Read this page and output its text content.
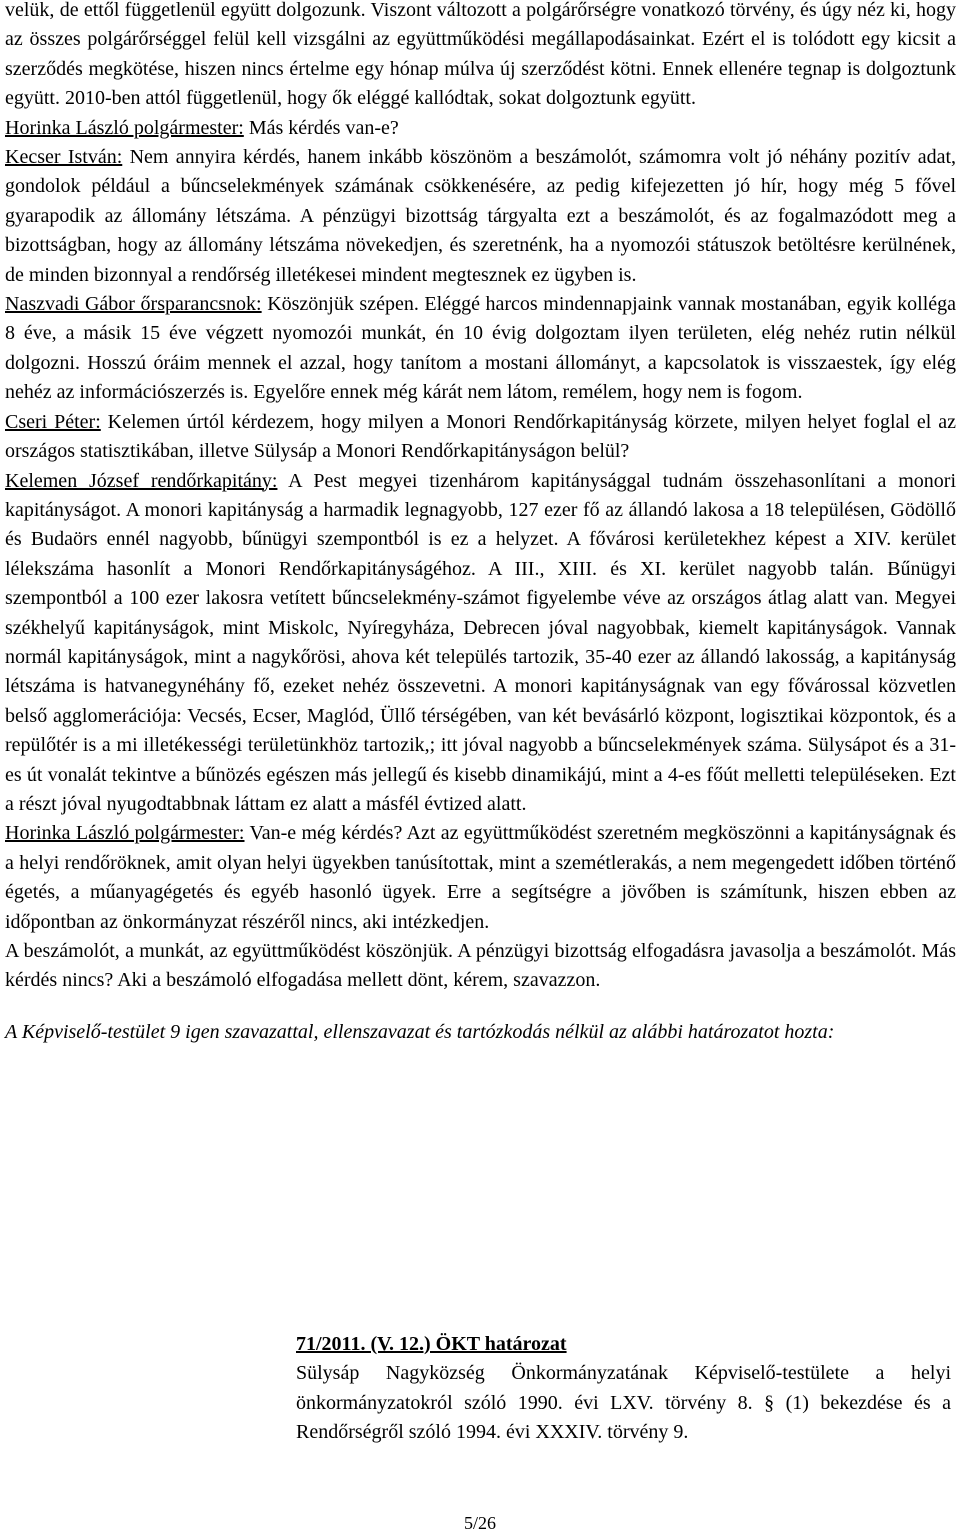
velük, de ettől függetlenül együtt dolgozunk. Viszont változott a polgárőrségre vonatkozó törvény, és úgy néz ki, hogy az összes polgárőrséggel felül kell vizsgálni az együttműködési megállapodásainkat. Ezért el is tolódott egy kicsit a szerződés megkötése, hiszen nincs értelme egy hónap múlva új szerződést kötni. Ennek ellenére tegnap is dolgoztunk együtt. 2010-ben attól függetlenül, hogy ők eléggé kallódtak, sokat dolgoztunk együtt.

Horinka László polgármester: Más kérdés van-e?

Kecser István: Nem annyira kérdés, hanem inkább köszönöm a beszámolót, számomra volt jó néhány pozitív adat, gondolok például a bűncselekmények számának csökkenésére, az pedig kifejezetten jó hír, hogy még 5 fővel gyarapodik az állomány létszáma. A pénzügyi bizottság tárgyalta ezt a beszámolót, és az fogalmazódott meg a bizottságban, hogy az állomány létszáma növekedjen, és szeretnénk, ha a nyomozói státuszok betöltésre kerülnének, de minden bizonnyal a rendőrség illetékesei mindent megtesznek ez ügyben is.

Naszvadi Gábor őrsparancsnok: Köszönjük szépen. Eléggé harcos mindennapjaink vannak mostanában, egyik kolléga 8 éve, a másik 15 éve végzett nyomozói munkát, én 10 évig dolgoztam ilyen területen, elég nehéz rutin nélkül dolgozni. Hosszú óráim mennek el azzal, hogy tanítom a mostani állományt, a kapcsolatok is visszaestek, így elég nehéz az információszerzés is. Egyelőre ennek még kárát nem látom, remélem, hogy nem is fogom.

Cseri Péter: Kelemen úrtól kérdezem, hogy milyen a Monori Rendőrkapitányság körzete, milyen helyet foglal el az országos statisztikában, illetve Sülysáp a Monori Rendőrkapitányságon belül?

Kelemen József rendőrkapitány: A Pest megyei tizenhárom kapitánysággal tudnám összehasonlítani a monori kapitányságot. A monori kapitányság a harmadik legnagyobb, 127 ezer fő az állandó lakosa a 18 településen, Gödöllő és Budaörs ennél nagyobb, bűnügyi szempontból is ez a helyzet. A fővárosi kerületekhez képest a XIV. kerület lélekszáma hasonlít a Monori Rendőrkapitányságéhoz. A III., XIII. és XI. kerület nagyobb talán. Bűnügyi szempontból a 100 ezer lakosra vetített bűncselekmény-számot figyelembe véve az országos átlag alatt van. Megyei székhelyű kapitányságok, mint Miskolc, Nyíregyháza, Debrecen jóval nagyobbak, kiemelt kapitányságok. Vannak normál kapitányságok, mint a nagykőrösi, ahova két település tartozik, 35-40 ezer az állandó lakosság, a kapitányság létszáma is hatvanegynéhány fő, ezeket nehéz összevetni. A monori kapitányságnak van egy fővárossal közvetlen belső agglomerációja: Vecsés, Ecser, Maglód, Üllő térségében, van két bevásárló központ, logisztikai központok, és a repülőtér is a mi illetékességi területünkhöz tartozik,; itt jóval nagyobb a bűncselekmények száma. Sülysápot és a 31-es út vonalát tekintve a bűnözés egészen más jellegű és kisebb dinamikájú, mint a 4-es főút melletti településeken. Ezt a részt jóval nyugodtabbnak láttam ez alatt a másfél évtized alatt.

Horinka László polgármester: Van-e még kérdés? Azt az együttműködést szeretném megköszönni a kapitányságnak és a helyi rendőröknek, amit olyan helyi ügyekben tanúsítottak, mint a szemétlerakás, a nem megengedett időben történő égetés, a műanyagégetés és egyéb hasonló ügyek. Erre a segítségre a jövőben is számítunk, hiszen ebben az időpontban az önkormányzat részéről nincs, aki intézkedjen.

A beszámolót, a munkát, az együttműködést köszönjük. A pénzügyi bizottság elfogadásra javasolja a beszámolót. Más kérdés nincs? Aki a beszámoló elfogadása mellett dönt, kérem, szavazzon.

A Képviselő-testület 9 igen szavazattal, ellenszavazat és tartózkodás nélkül az alábbi határozatot hozta:

71/2011. (V. 12.) ÖKT határozat

Sülysáp Nagyközség Önkormányzatának Képviselő-testülete a helyi önkormányzatokról szóló 1990. évi LXV. törvény 8. § (1) bekezdése és a Rendőrségről szóló 1994. évi XXXIV. törvény 9.

5/26
